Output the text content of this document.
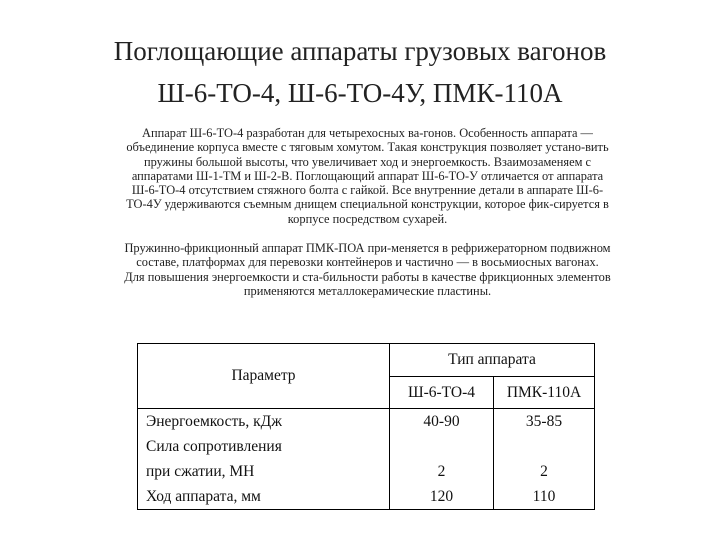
Поглощающие аппараты грузовых вагонов
Ш-6-ТО-4, Ш-6-ТО-4У, ПМК-110А
Аппарат Ш-6-ТО-4 разработан для четырехосных ва-гонов. Особенность аппарата —
объединение корпуса вместе с тяговым хомутом. Такая конструкция позволяет устано-вить
пружины большой высоты, что увеличивает ход и энергоемкость. Взаимозаменяем с
аппаратами Ш-1-ТМ и Ш-2-В. Поглощающий аппарат Ш-6-ТО-У отличается от аппарата
Ш-6-ТО-4 отсутствием стяжного болта с гайкой. Все внутренние детали в аппарате Ш-6-
ТО-4У удерживаются съемным днищем специальной конструкции, которое фик-сируется в
корпусе посредством сухарей.
Пружинно-фрикционный аппарат ПМК-ПОА при-меняется в рефрижераторном подвижном
составе, платформах для перевозки контейнеров и частично — в восьмиосных вагонах.
Для повышения энергоемкости и ста-бильности работы в качестве фрикционных элементов
применяются металлокерамические пластины.
Параметр	Тип аппарата	
	Ш-6-ТО-4	ПМК-110А
Энергоемкость, кДж	40-90	35-85
Сила сопротивления		
при сжатии, МН	2	2
Ход аппарата, мм	120	110
